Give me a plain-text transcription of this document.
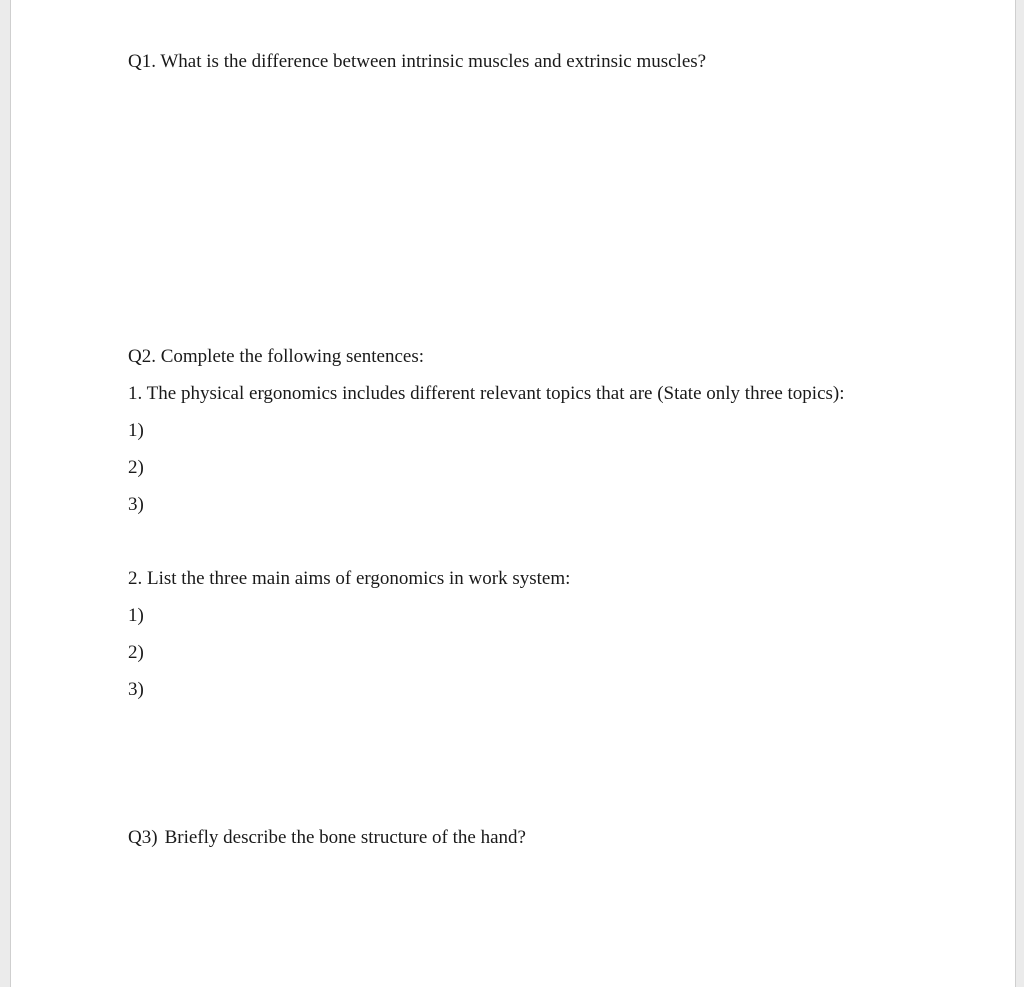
Q1. What is the difference between intrinsic muscles and extrinsic muscles?

Q2. Complete the following sentences:

1. The physical ergonomics includes different relevant topics that are (State only three topics):

1)

2)

3)

2. List the three main aims of ergonomics in work system:

1)

2)

3)

Q3) Briefly describe the bone structure of the hand?
